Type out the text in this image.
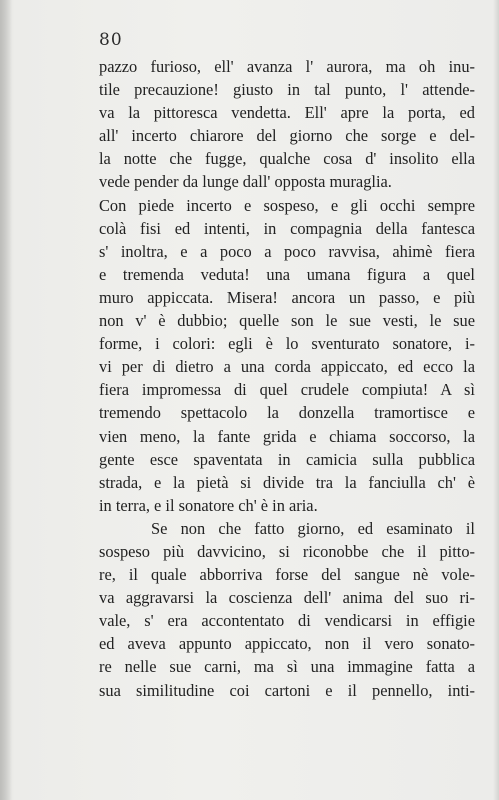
80
pazzo furioso, ell' avanza l' aurora, ma oh inu-
tile precauzione! giusto in tal punto, l' attende-
va la pittoresca vendetta. Ell' apre la porta, ed
all' incerto chiarore del giorno che sorge e del-
la notte che fugge, qualche cosa d' insolito ella
vede pender da lunge dall' opposta muraglia.
Con piede incerto e sospeso, e gli occhi sempre
colà fisi ed intenti, in compagnia della fantesca
s' inoltra, e a poco a poco ravvisa, ahimè fiera
e tremenda veduta! una umana figura a quel
muro appiccata. Misera! ancora un passo, e più
non v' è dubbio; quelle son le sue vesti, le sue
forme, i colori: egli è lo sventurato sonatore, i-
vi per di dietro a una corda appiccato, ed ecco la
fiera impromessa di quel crudele compiuta! A sì
tremendo spettacolo la donzella tramortisce e
vien meno, la fante grida e chiama soccorso, la
gente esce spaventata in camicia sulla pubblica
strada, e la pietà si divide tra la fanciulla ch' è
in terra, e il sonatore ch' è in aria.
Se non che fatto giorno, ed esaminato il
sospeso più davvicino, si riconobbe che il pitto-
re, il quale abborriva forse del sangue nè vole-
va aggravarsi la coscienza dell' anima del suo ri-
vale, s' era accontentato di vendicarsi in effigie
ed aveva appunto appiccato, non il vero sonato-
re nelle sue carni, ma sì una immagine fatta a
sua similitudine coi cartoni e il pennello, inti-
